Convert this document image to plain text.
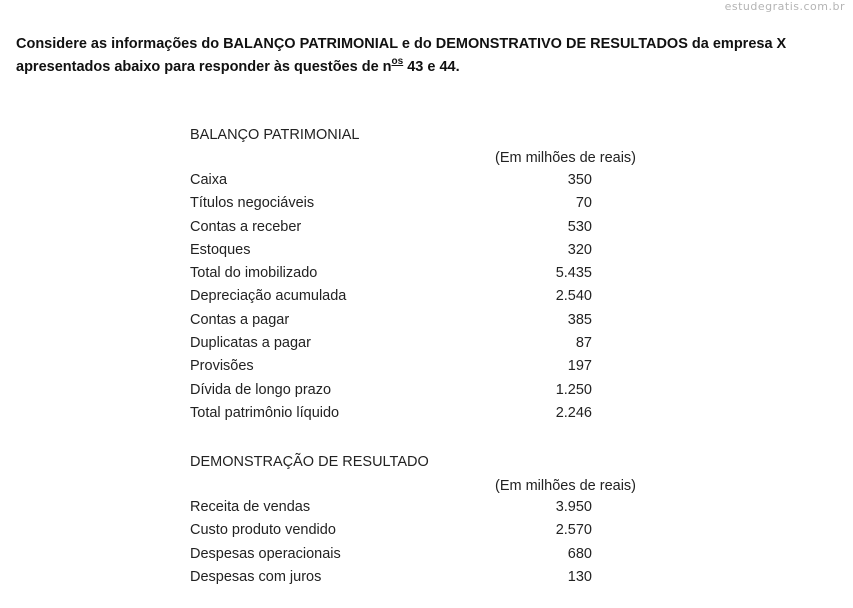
estudegratis.com.br
Considere as informações do BALANÇO PATRIMONIAL e do DEMONSTRATIVO DE RESULTADOS da empresa X
apresentados abaixo para responder às questões de $n^{os}$ 43 e 44.
BALANÇO PATRIMONIAL
(Em milhões de reais)
Caixa	350
Títulos negociáveis	70
Contas a receber	530
Estoques	320
Total do imobilizado	5.435
Depreciação acumulada	2.540
Contas a pagar	385
Duplicatas a pagar	87
Provisões	197
Dívida de longo prazo	1.250
Total patrimônio líquido	2.246
DEMONSTRAÇÃO DE RESULTADO
(Em milhões de reais)
Receita de vendas	3.950
Custo produto vendido	2.570
Despesas operacionais	680
Despesas com juros	130
